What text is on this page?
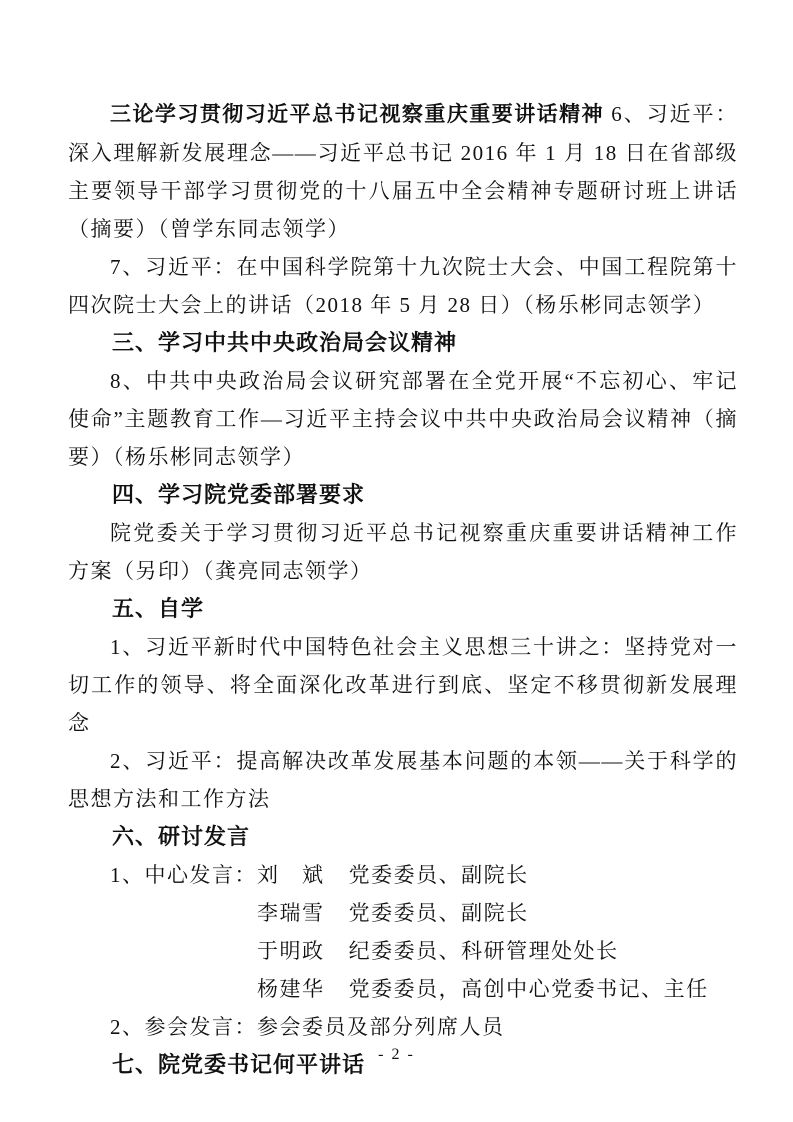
三论学习贯彻习近平总书记视察重庆重要讲话精神 6、习近平：深入理解新发展理念——习近平总书记 2016 年 1 月 18 日在省部级主要领导干部学习贯彻党的十八届五中全会精神专题研讨班上讲话（摘要）（曾学东同志领学）

7、习近平：在中国科学院第十九次院士大会、中国工程院第十四次院士大会上的讲话（2018 年 5 月 28 日）（杨乐彬同志领学）

三、学习中共中央政治局会议精神

8、中共中央政治局会议研究部署在全党开展“不忘初心、牢记使命”主题教育工作—习近平主持会议中共中央政治局会议精神（摘要）（杨乐彬同志领学）

四、学习院党委部署要求

院党委关于学习贯彻习近平总书记视察重庆重要讲话精神工作方案（另印）（龚亮同志领学）

五、自学

1、习近平新时代中国特色社会主义思想三十讲之：坚持党对一切工作的领导、将全面深化改革进行到底、坚定不移贯彻新发展理念

2、习近平：提高解决改革发展基本问题的本领——关于科学的思想方法和工作方法

六、研讨发言
1、中心发言： 刘　斌 党委委员、副院长
李瑞雪 党委委员、副院长
于明政 纪委委员、科研管理处处长
杨建华 党委委员，高创中心党委书记、主任

2、参会发言：参会委员及部分列席人员

七、院党委书记何平讲话 - 2 -
